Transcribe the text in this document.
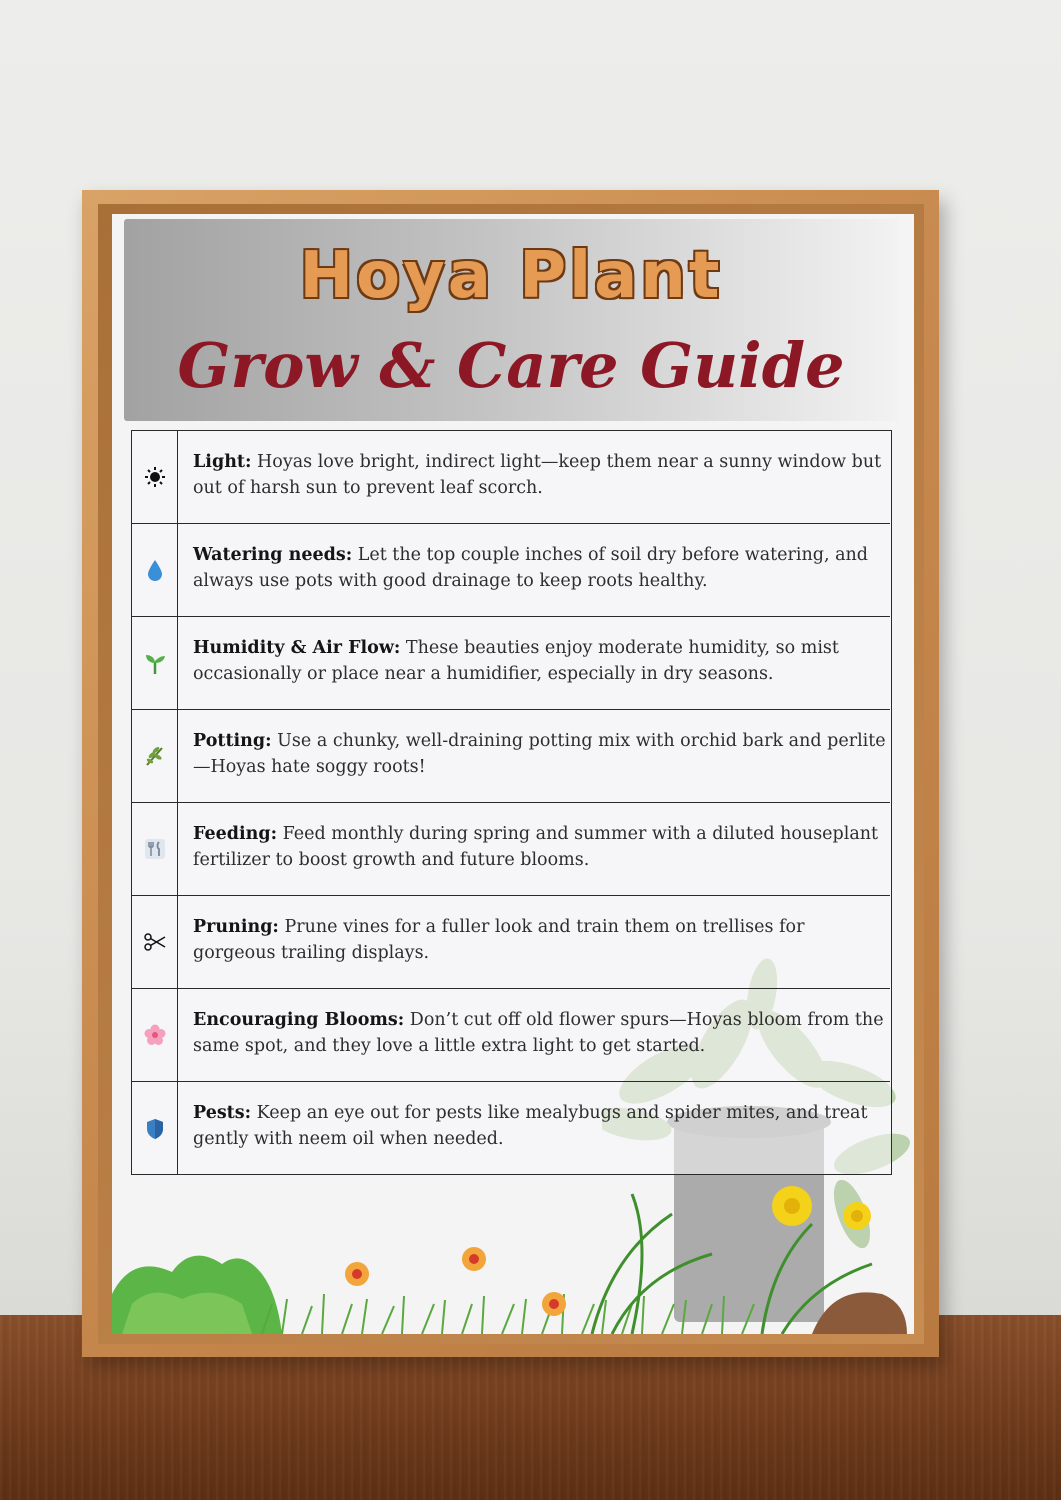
Hoya Plant
Grow & Care Guide
Light: Hoyas love bright, indirect light—keep them near a sunny window but out of harsh sun to prevent leaf scorch.
Watering needs: Let the top couple inches of soil dry before watering, and always use pots with good drainage to keep roots healthy.
Humidity & Air Flow: These beauties enjoy moderate humidity, so mist occasionally or place near a humidifier, especially in dry seasons.
Potting: Use a chunky, well-draining potting mix with orchid bark and perlite—Hoyas hate soggy roots!
Feeding: Feed monthly during spring and summer with a diluted houseplant fertilizer to boost growth and future blooms.
Pruning: Prune vines for a fuller look and train them on trellises for gorgeous trailing displays.
Encouraging Blooms: Don’t cut off old flower spurs—Hoyas bloom from the same spot, and they love a little extra light to get started.
Pests: Keep an eye out for pests like mealybugs and spider mites, and treat gently with neem oil when needed.
